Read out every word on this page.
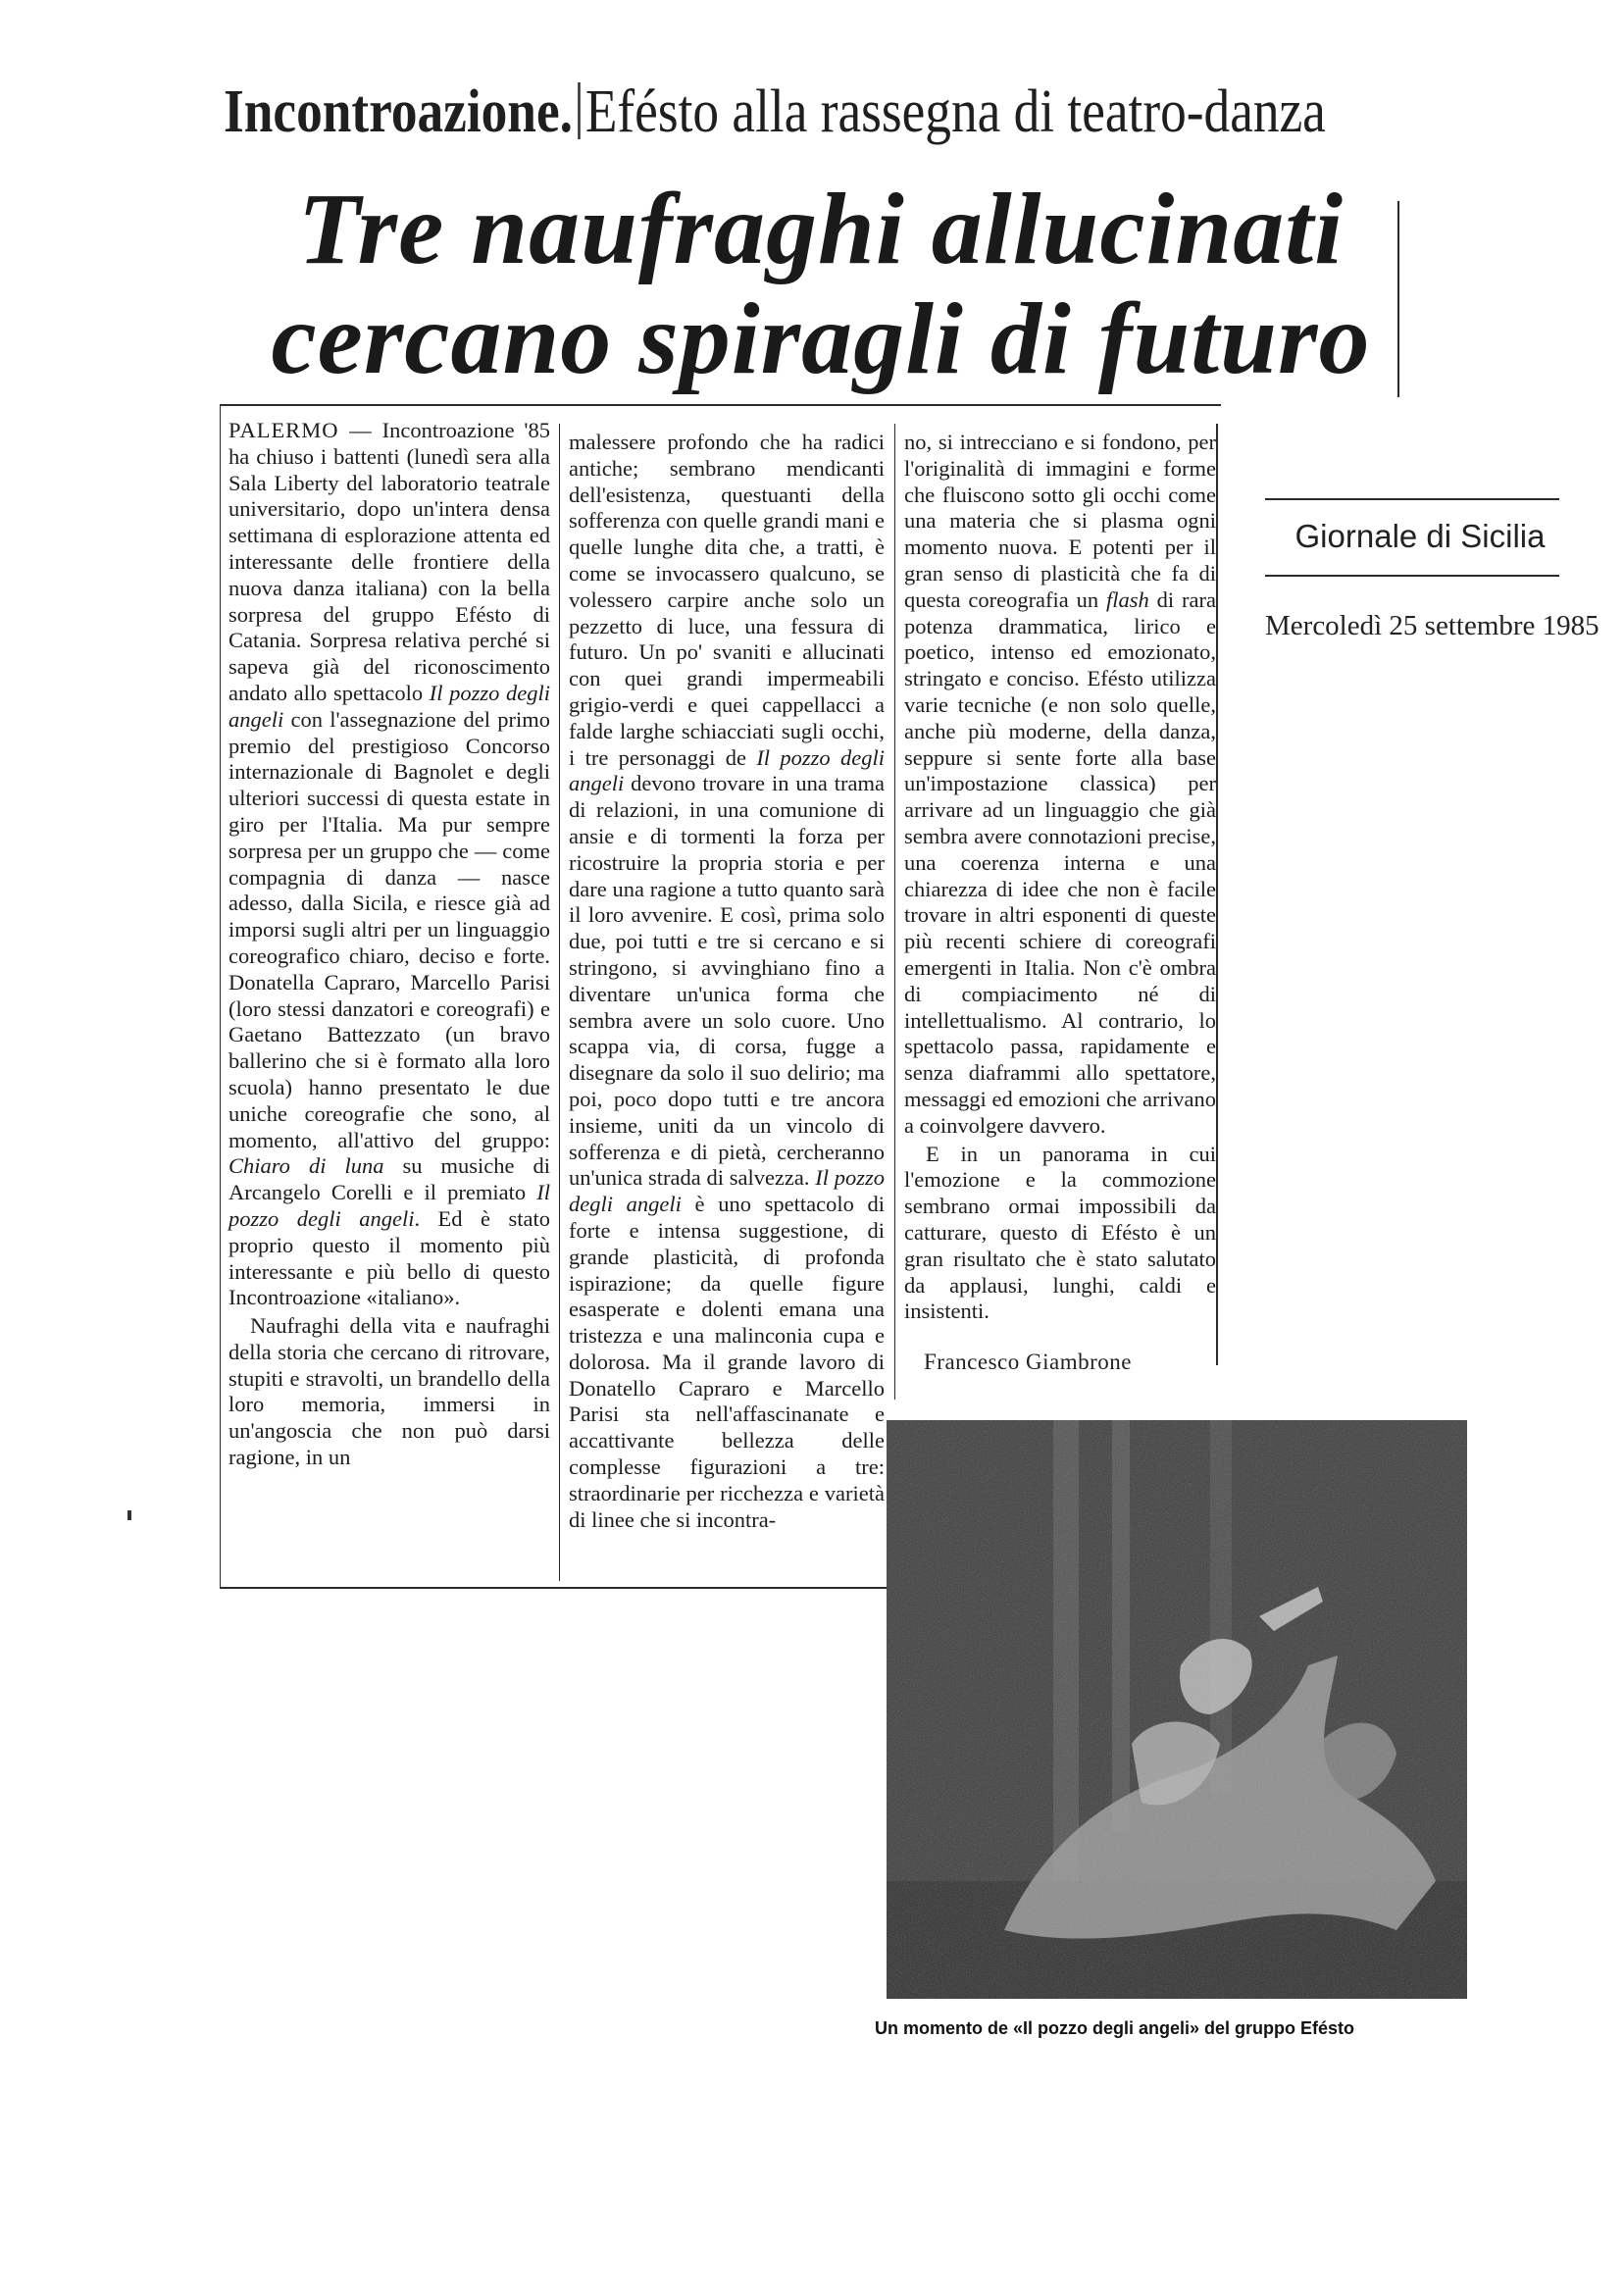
Incontroazione. Efésto alla rassegna di teatro-danza
Tre naufraghi allucinati
cercano spiragli di futuro

PALERMO — Incontroazione '85 ha chiuso i battenti (lunedì sera alla Sala Liberty del laboratorio teatrale universitario, dopo un'intera densa settimana di esplorazione attenta ed interessante delle frontiere della nuova danza italiana) con la bella sorpresa del gruppo Efésto di Catania. Sorpresa relativa perché si sapeva già del riconoscimento andato allo spettacolo Il pozzo degli angeli con l'assegnazione del primo premio del prestigioso Concorso internazionale di Bagnolet e degli ulteriori successi di questa estate in giro per l'Italia. Ma pur sempre sorpresa per un gruppo che — come compagnia di danza — nasce adesso, dalla Sicila, e riesce già ad imporsi sugli altri per un linguaggio coreografico chiaro, deciso e forte. Donatella Capraro, Marcello Parisi (loro stessi danzatori e coreografi) e Gaetano Battezzato (un bravo ballerino che si è formato alla loro scuola) hanno presentato le due uniche coreografie che sono, al momento, all'attivo del gruppo: Chiaro di luna su musiche di Arcangelo Corelli e il premiato Il pozzo degli angeli. Ed è stato proprio questo il momento più interessante e più bello di questo Incontroazione «italiano».

Naufraghi della vita e naufraghi della storia che cercano di ritrovare, stupiti e stravolti, un brandello della loro memoria, immersi in un'angoscia che non può darsi ragione, in un

malessere profondo che ha radici antiche; sembrano mendicanti dell'esistenza, questuanti della sofferenza con quelle grandi mani e quelle lunghe dita che, a tratti, è come se invocassero qualcuno, se volessero carpire anche solo un pezzetto di luce, una fessura di futuro. Un po' svaniti e allucinati con quei grandi impermeabili grigio-verdi e quei cappellacci a falde larghe schiacciati sugli occhi, i tre personaggi de Il pozzo degli angeli devono trovare in una trama di relazioni, in una comunione di ansie e di tormenti la forza per ricostruire la propria storia e per dare una ragione a tutto quanto sarà il loro avvenire. E così, prima solo due, poi tutti e tre si cercano e si stringono, si avvinghiano fino a diventare un'unica forma che sembra avere un solo cuore. Uno scappa via, di corsa, fugge a disegnare da solo il suo delirio; ma poi, poco dopo tutti e tre ancora insieme, uniti da un vincolo di sofferenza e di pietà, cercheranno un'unica strada di salvezza. Il pozzo degli angeli è uno spettacolo di forte e intensa suggestione, di grande plasticità, di profonda ispirazione; da quelle figure esasperate e dolenti emana una tristezza e una malinconia cupa e dolorosa. Ma il grande lavoro di Donatello Capraro e Marcello Parisi sta nell'affascinanate e accattivante bellezza delle complesse figurazioni a tre: straordinarie per ricchezza e varietà di linee che si incontra-

no, si intrecciano e si fondono, per l'originalità di immagini e forme che fluiscono sotto gli occhi come una materia che si plasma ogni momento nuova. E potenti per il gran senso di plasticità che fa di questa coreografia un flash di rara potenza drammatica, lirico e poetico, intenso ed emozionato, stringato e conciso. Efésto utilizza varie tecniche (e non solo quelle, anche più moderne, della danza, seppure si sente forte alla base un'impostazione classica) per arrivare ad un linguaggio che già sembra avere connotazioni precise, una coerenza interna e una chiarezza di idee che non è facile trovare in altri esponenti di queste più recenti schiere di coreografi emergenti in Italia. Non c'è ombra di compiacimento né di intellettualismo. Al contrario, lo spettacolo passa, rapidamente e senza diaframmi allo spettatore, messaggi ed emozioni che arrivano a coinvolgere davvero.

E in un panorama in cui l'emozione e la commozione sembrano ormai impossibili da catturare, questo di Efésto è un gran risultato che è stato salutato da applausi, lunghi, caldi e insistenti.

Giornale di Sicilia
Mercoledì 25 settembre 1985
Francesco Giambrone
Un momento de «Il pozzo degli angeli» del gruppo Efésto
